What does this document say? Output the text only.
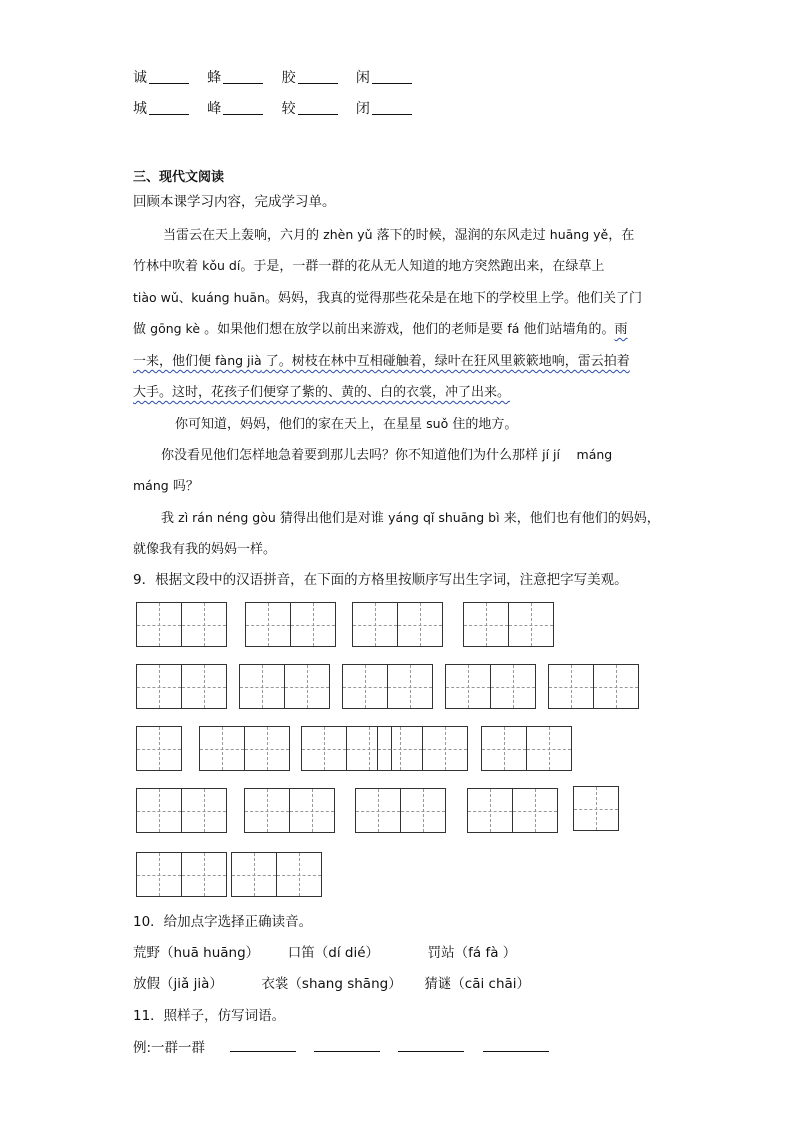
诚	蜂	胶	闲
城	峰	较	闭
三、现代文阅读
回顾本课学习内容，完成学习单。
当雷云在天上轰响，六月的 zhèn yǔ 落下的时候，湿润的东风走过 huāng yě，在
竹林中吹着 kǒu dí。于是，一群一群的花从无人知道的地方突然跑出来，在绿草上
tiào wǔ、kuáng huān。妈妈，我真的觉得那些花朵是在地下的学校里上学。他们关了门
做 gōng kè 。如果他们想在放学以前出来游戏，他们的老师是要 fá 他们站墙角的。雨
一来，他们便 fàng jià 了。树枝在林中互相碰触着，绿叶在狂风里簌簌地响，雷云拍着
大手。这时，花孩子们便穿了紫的、黄的、白的衣裳，冲了出来。
你可知道，妈妈，他们的家在天上，在星星 suǒ 住的地方。
你没看见他们怎样地急着要到那儿去吗？你不知道他们为什么那样 jí jí máng
máng 吗？
我 zì rán néng gòu 猜得出他们是对谁 yáng qǐ shuāng bì 来，他们也有他们的妈妈，
就像我有我的妈妈一样。
9．根据文段中的汉语拼音，在下面的方格里按顺序写出生字词，注意把字写美观。
10．给加点字选择正确读音。
荒野（huā huāng） 口笛（dí dié）	罚站（fá fà ）
放假（jiǎ jià）	衣裳（shang shāng） 猜谜（cāi chāi）
11．照样子，仿写词语。
例:一群一群
